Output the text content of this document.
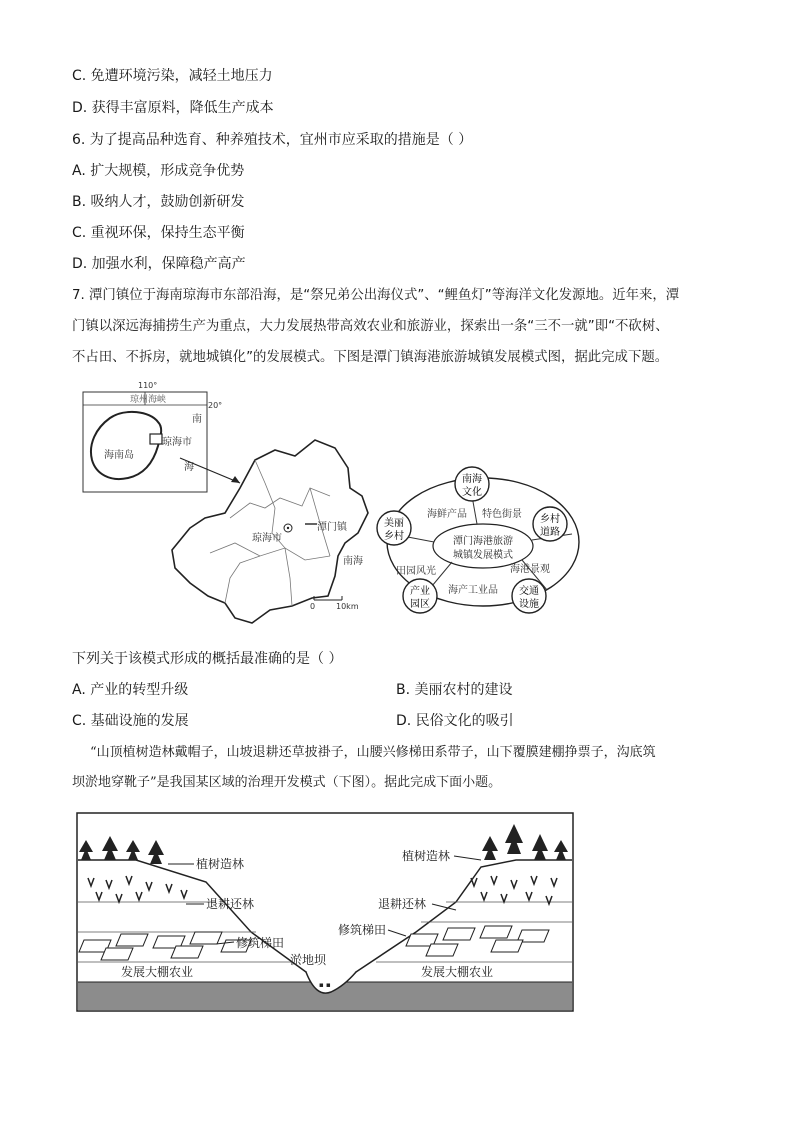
C. 免遭环境污染，减轻土地压力
D. 获得丰富原料，降低生产成本
6. 为了提高品种选育、种养殖技术，宜州市应采取的措施是（ ）
A. 扩大规模，形成竞争优势
B. 吸纳人才，鼓励创新研发
C. 重视环保，保持生态平衡
D. 加强水利，保障稳产高产
7. 潭门镇位于海南琼海市东部沿海，是“祭兄弟公出海仪式”、“鲤鱼灯”等海洋文化发源地。近年来，潭
门镇以深远海捕捞生产为重点，大力发展热带高效农业和旅游业，探索出一条“三不一就”即“不砍树、
不占田、不拆房，就地城镇化”的发展模式。下图是潭门镇海港旅游城镇发展模式图，据此完成下题。
110°
20°
琼州海峡
海南岛
琼海市
南
海
琼海市
潭门镇
南海
0	10km
海鲜产品 特色街景
海港景观
海产工业品
田园风光
潭门海港旅游
城镇发展模式
南海
文化
乡村
道路
交通
设施
产业
园区
美丽
乡村
下列关于该模式形成的概括最准确的是（ ）
A. 产业的转型升级	B. 美丽农村的建设
C. 基础设施的发展	D. 民俗文化的吸引
“山顶植树造林戴帽子，山坡退耕还草披褂子，山腰兴修梯田系带子，山下覆膜建棚挣票子，沟底筑
坝淤地穿靴子”是我国某区域的治理开发模式（下图）。据此完成下面小题。
▪ ▪
植树造林
退耕还林
修筑梯田
发展大棚农业
淤地坝
植树造林
退耕还林
修筑梯田
发展大棚农业
